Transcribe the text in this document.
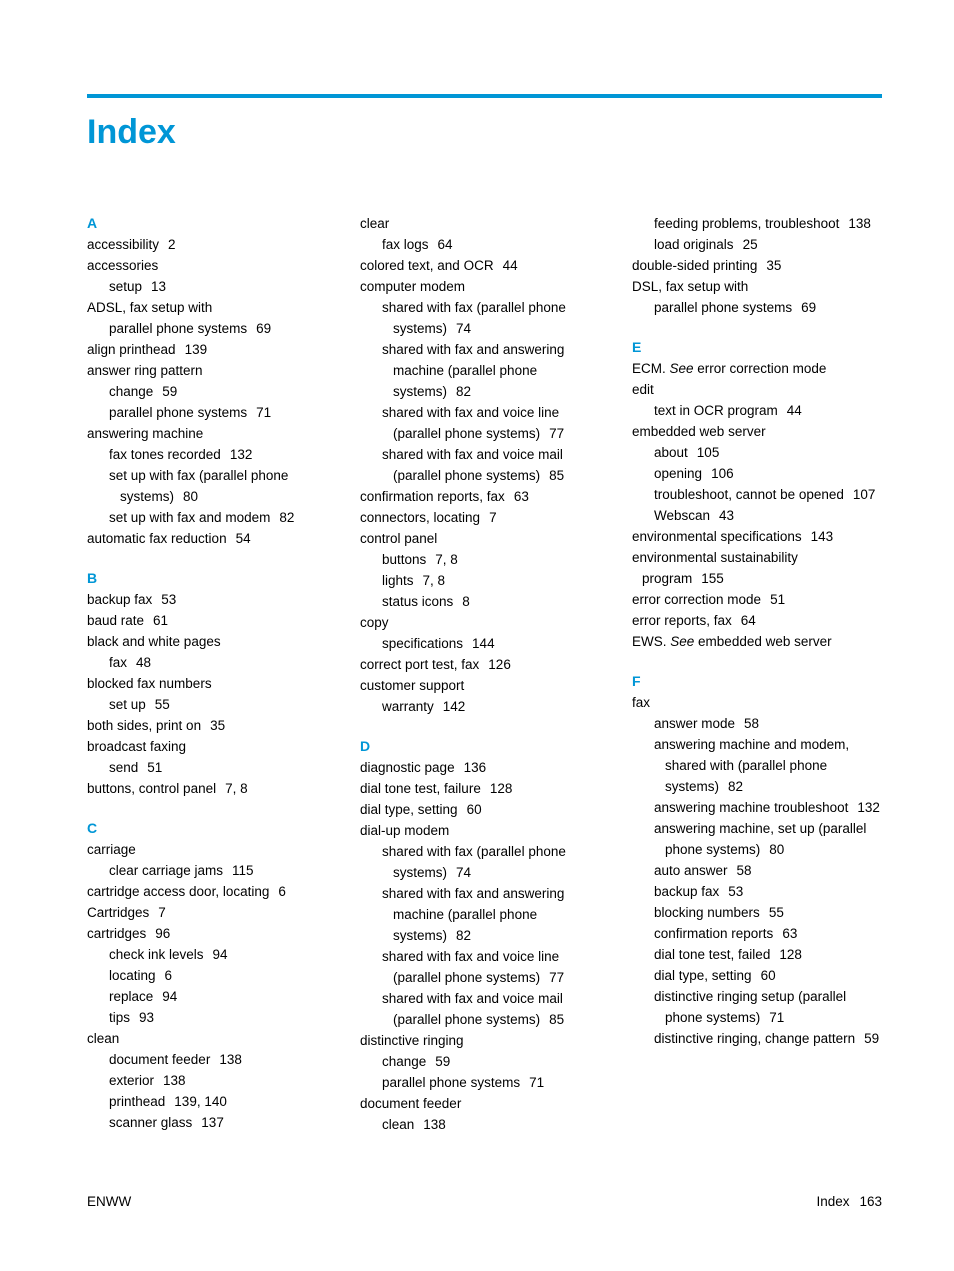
Index
A
accessibility 2
accessories
setup 13
ADSL, fax setup with
parallel phone systems 69
align printhead 139
answer ring pattern
change 59
parallel phone systems 71
answering machine
fax tones recorded 132
set up with fax (parallel phone systems) 80
set up with fax and modem 82
automatic fax reduction 54
B
backup fax 53
baud rate 61
black and white pages
fax 48
blocked fax numbers
set up 55
both sides, print on 35
broadcast faxing
send 51
buttons, control panel 7, 8
C
carriage
clear carriage jams 115
cartridge access door, locating 6
Cartridges 7
cartridges 96
check ink levels 94
locating 6
replace 94
tips 93
clean
document feeder 138
exterior 138
printhead 139, 140
scanner glass 137
clear
fax logs 64
colored text, and OCR 44
computer modem
shared with fax (parallel phone systems) 74
shared with fax and answering machine (parallel phone systems) 82
shared with fax and voice line (parallel phone systems) 77
shared with fax and voice mail (parallel phone systems) 85
confirmation reports, fax 63
connectors, locating 7
control panel
buttons 7, 8
lights 7, 8
status icons 8
copy
specifications 144
correct port test, fax 126
customer support
warranty 142
D
diagnostic page 136
dial tone test, failure 128
dial type, setting 60
dial-up modem
shared with fax (parallel phone systems) 74
shared with fax and answering machine (parallel phone systems) 82
shared with fax and voice line (parallel phone systems) 77
shared with fax and voice mail (parallel phone systems) 85
distinctive ringing
change 59
parallel phone systems 71
document feeder
clean 138
feeding problems, troubleshoot 138
load originals 25
double-sided printing 35
DSL, fax setup with
parallel phone systems 69
E
ECM. See error correction mode
edit
text in OCR program 44
embedded web server
about 105
opening 106
troubleshoot, cannot be opened 107
Webscan 43
environmental specifications 143
environmental sustainability program 155
error correction mode 51
error reports, fax 64
EWS. See embedded web server
F
fax
answer mode 58
answering machine and modem, shared with (parallel phone systems) 82
answering machine troubleshoot 132
answering machine, set up (parallel phone systems) 80
auto answer 58
backup fax 53
blocking numbers 55
confirmation reports 63
dial tone test, failed 128
dial type, setting 60
distinctive ringing setup (parallel phone systems) 71
distinctive ringing, change pattern 59
ENWW	Index 163
